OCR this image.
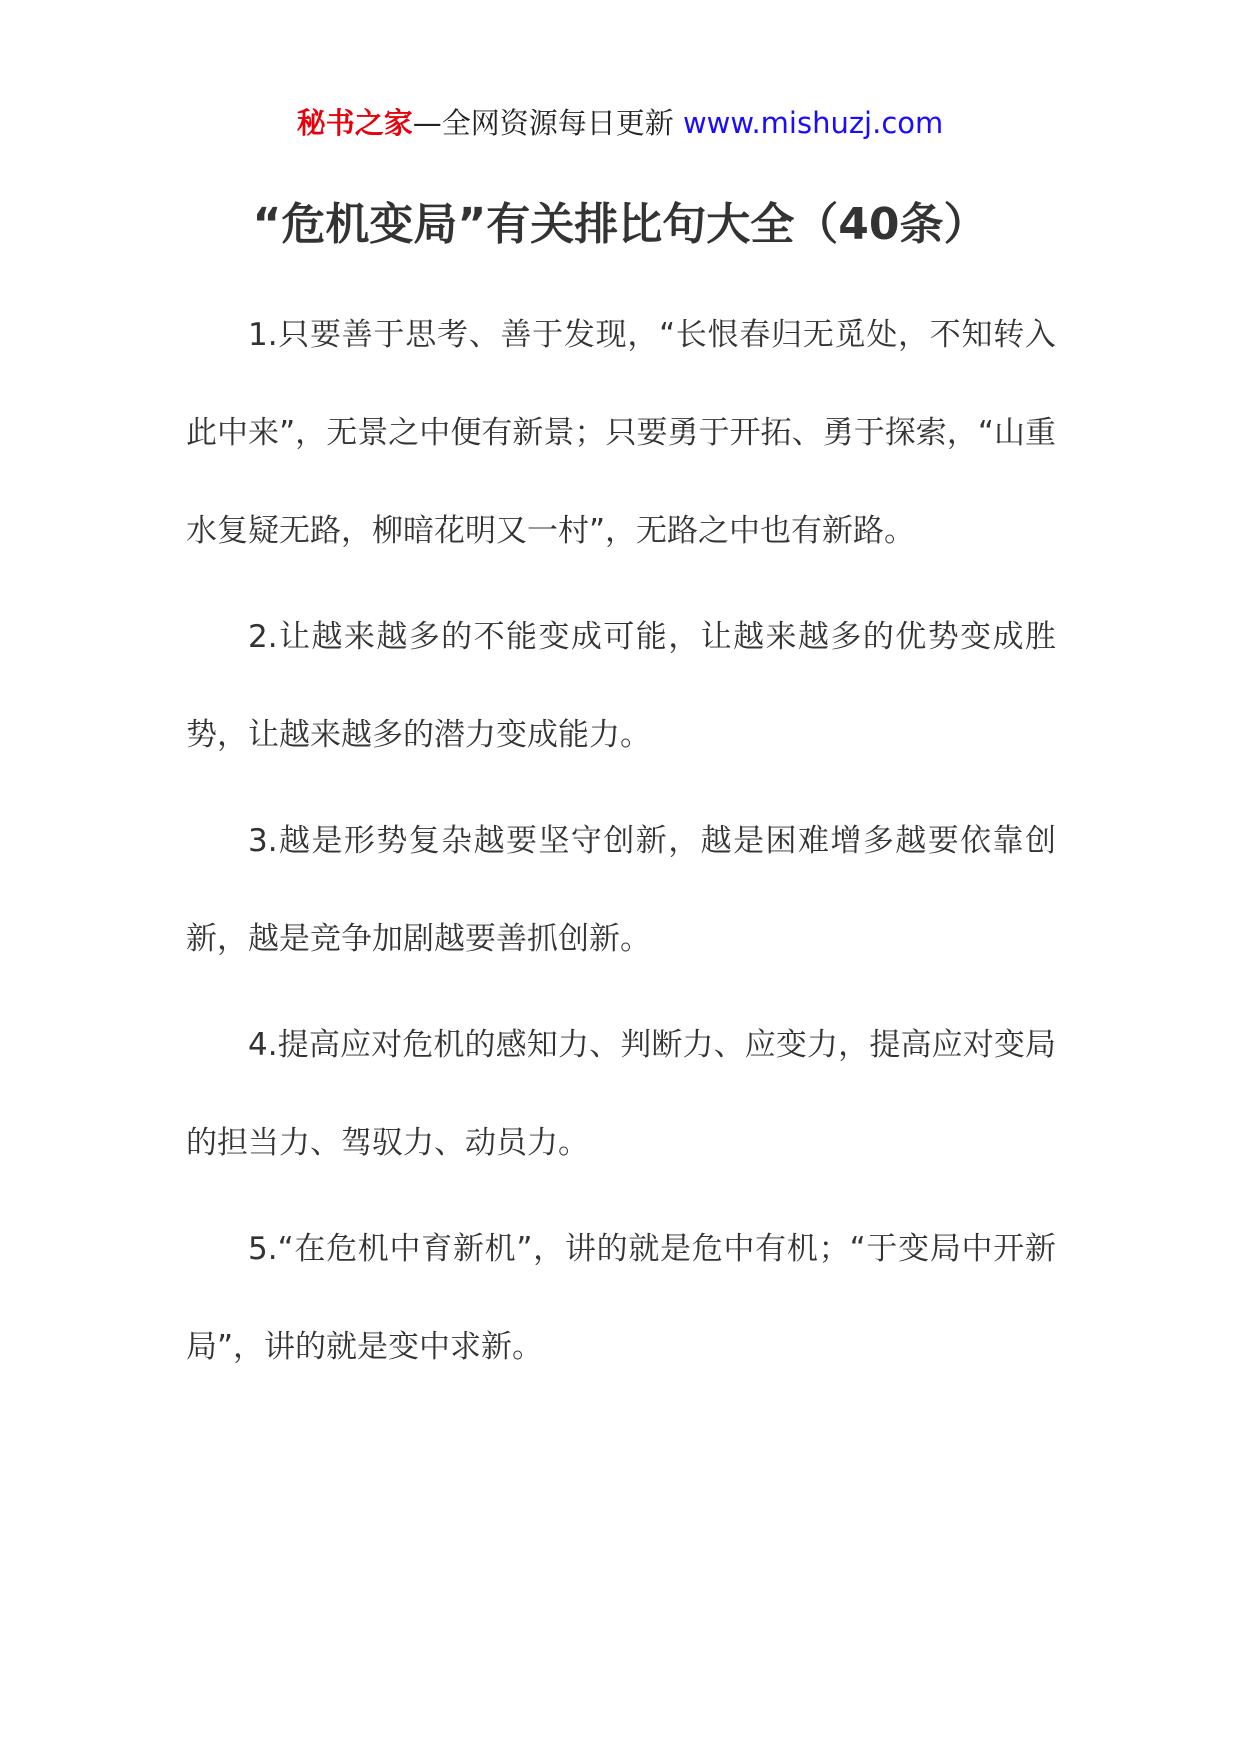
秘书之家—全网资源每日更新 www.mishuzj.com
“危机变局”有关排比句大全（40条）

1.只要善于思考、善于发现，“长恨春归无觅处，不知转入此中来”，无景之中便有新景；只要勇于开拓、勇于探索，“山重水复疑无路，柳暗花明又一村”，无路之中也有新路。

2.让越来越多的不能变成可能，让越来越多的优势变成胜势，让越来越多的潜力变成能力。

3.越是形势复杂越要坚守创新，越是困难增多越要依靠创新，越是竞争加剧越要善抓创新。

4.提高应对危机的感知力、判断力、应变力，提高应对变局的担当力、驾驭力、动员力。

5.“在危机中育新机”，讲的就是危中有机；“于变局中开新局”，讲的就是变中求新。
